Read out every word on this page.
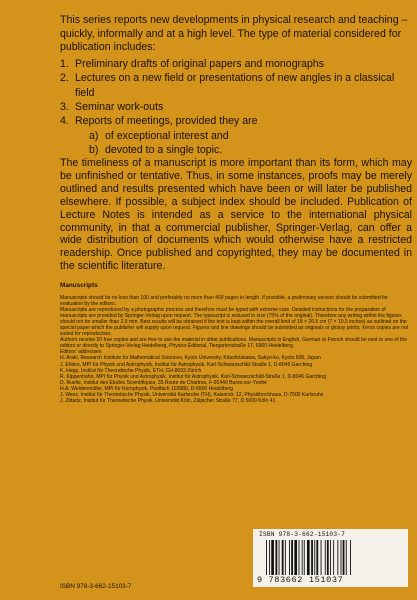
This series reports new developments in physical research and teaching – quickly, informally and at a high level. The type of material considered for publication includes:

1. Preliminary drafts of original papers and monographs
2. Lectures on a new field or presentations of new angles in a classical field
3. Seminar work-outs
4. Reports of meetings, provided they are
a) of exceptional interest and
b) devoted to a single topic.

The timeliness of a manuscript is more important than its form, which may be unfinished or tentative. Thus, in some instances, proofs may be merely outlined and results presented which have been or will later be published elsewhere. If possible, a subject index should be included. Publication of Lecture Notes is intended as a service to the international physical community, in that a commercial publisher, Springer-Verlag, can offer a wide distribution of documents which would otherwise have a restricted readership. Once published and copyrighted, they may be documented in the scientific literature.

Manuscripts

Manuscripts should be no less than 100 and preferably no more than 400 pages in length. If possible, a preliminary version should be submitted for evaluation by the editors.

Manuscripts are reproduced by a photographic process and therefore must be typed with extreme care. Detailed instructions for the preparation of manuscripts are provided by Springer-Verlag upon request. The typescript is reduced in size (75% of the original). Therefore any writing within the figures should not be smaller than 2.5 mm. Best results will be obtained if the text is kept within the overall limit of 18 × 26.5 cm (7 × 10.5 inches) as outlined on the special paper which the publisher will supply upon request. Figures and line drawings should be submitted as originals or glossy prints; Xerox copies are not suited for reproduction.

Authors receive 50 free copies and are free to use the material in other publications. Manuscripts in English, German or French should be sent to one of the editors or directly to Springer-Verlag Heidelberg, Physics Editorial, Tiergartenstraße 17, 6900 Heidelberg.

Editors' addresses

H. Araki, Research Institute for Mathematical Sciences, Kyoto University, Kitashirakawa, Sakyo-ku, Kyoto 606, Japan
J. Ehlers, MPI für Physik und Astrophysik, Institut für Astrophysik, Karl-Schwarzschild-Straße 1, D-8046 Garching
K. Hepp, Institut für Theoretische Physik, ETH, CH-8093 Zürich
R. Kippenhahn, MPI für Physik und Astrophysik, Institut für Astrophysik, Karl-Schwarzschild-Straße 1, D-8046 Garching
D. Ruelle, Institut des Etudes Scientifiques, 35 Route de Chartres, F-91440 Bures-sur-Yvette
H.A. Weidenmüller, MPI für Kernphysik, Postfach 103980, D-6900 Heidelberg
J. Wess, Institut für Theoretische Physik, Universität Karlsruhe (TH), Kaiserstr. 12, Physikhochhaus, D-7500 Karlsruhe
J. Zittartz, Institut für Theoretische Physik, Universität Köln, Zülpicher Straße 77, D 5000 Köln 41
ISBN 978-3-662-15103-7
9 783662 151037
ISBN 978-3-662-15103-7
